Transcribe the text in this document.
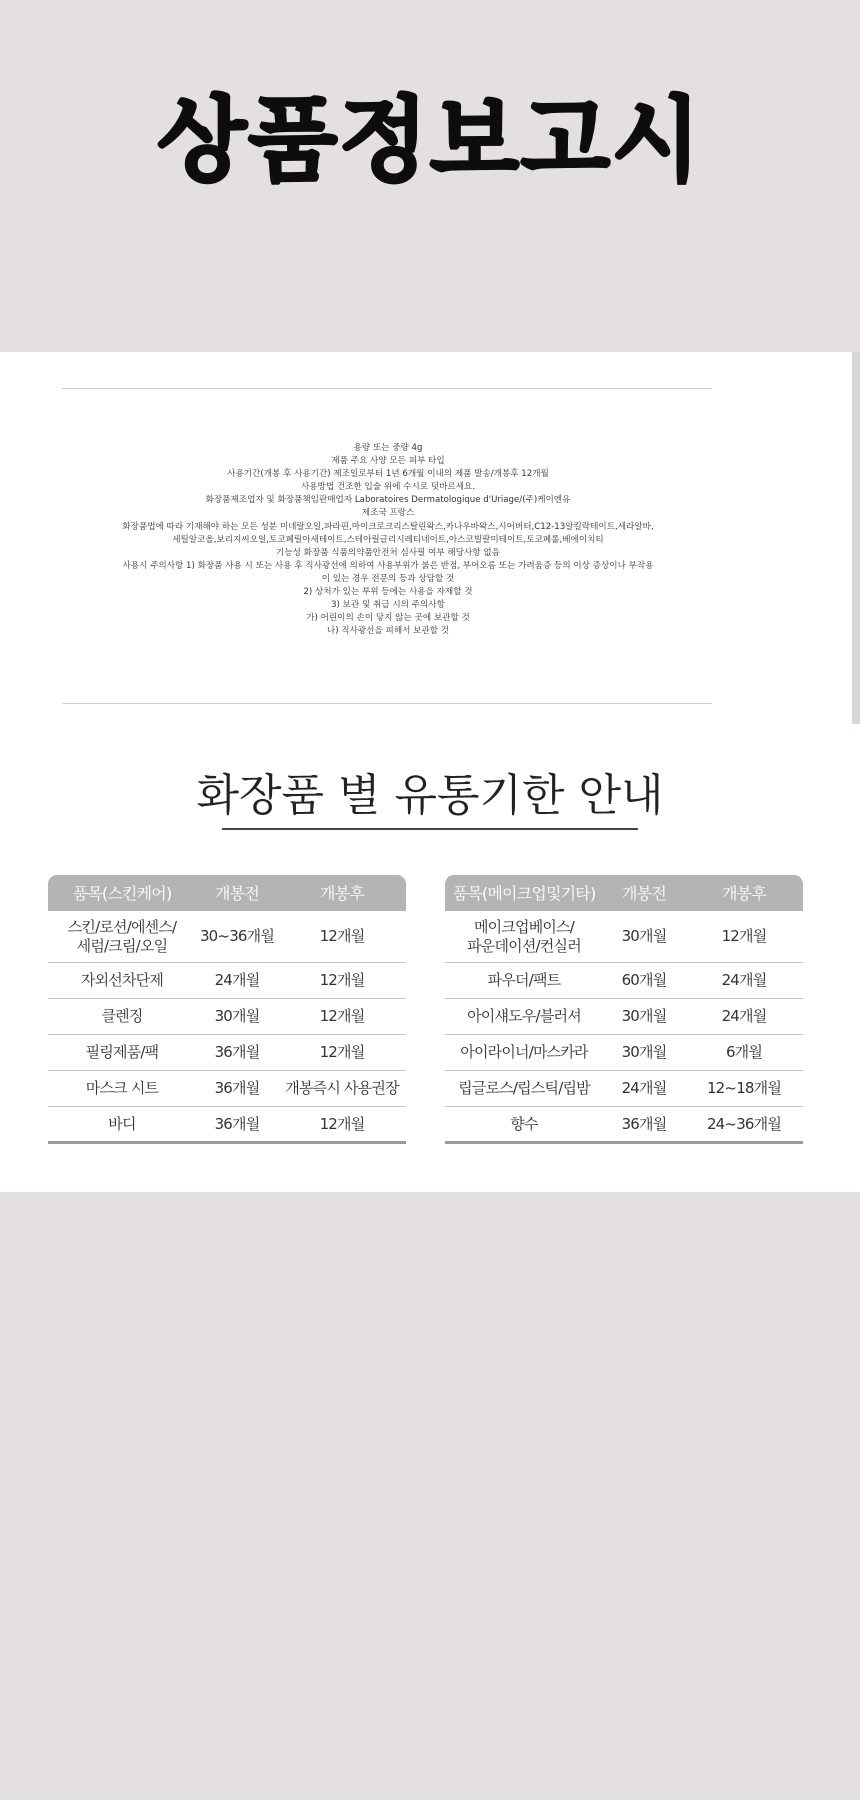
상품정보고시
용량 또는 중량 4g
제품 주요 사양 모든 피부 타입
사용기간(개봉 후 사용기간) 제조일로부터 1년 6개월 이내의 제품 발송/개봉후 12개월
사용방법 건조한 입술 위에 수시로 덧바르세요.
화장품제조업자 및 화장품책임판매업자 Laboratoires Dermatologique d'Uriage/(주)케이엔유
제조국 프랑스
화장품법에 따라 기재해야 하는 모든 성분 미네랄오일,파라핀,마이크로크리스탈린왁스,카나우바왁스,시어버터,C12-13알킬락테이트,세라알바,
세틸알코올,보리지씨오일,토코페릴아세테이트,스테아릴글리시레티네이트,아스코빌팔미테이트,토코페롤,베에이치티
기능성 화장품 식품의약품안전처 심사필 여부 해당사항 없음
사용시 주의사항 1) 화장품 사용 시 또는 사용 후 직사광선에 의하여 사용부위가 붉은 반점, 부어오름 또는 가려움증 등의 이상 증상이나 부작용
이 있는 경우 전문의 등과 상담할 것
2) 상처가 있는 부위 등에는 사용을 자제할 것
3) 보관 및 취급 시의 주의사항
가) 어린이의 손이 닿지 않는 곳에 보관할 것
나) 직사광선을 피해서 보관할 것
화장품 별 유통기한 안내
품목(스킨케어)	개봉전	개봉후
스킨/로션/에센스/
세럼/크림/오일
30~36개월	12개월
자외선차단제	24개월	12개월
클렌징	30개월	12개월
필링제품/팩	36개월	12개월
마스크 시트	36개월	개봉즉시 사용권장
바디	36개월	12개월
품목(메이크업및기타)	개봉전	개봉후
메이크업베이스/
파운데이션/컨실러
30개월	12개월
파우더/팩트	60개월	24개월
아이섀도우/블러셔	30개월	24개월
아이라이너/마스카라	30개월	6개월
립글로스/립스틱/립밤	24개월	12~18개월
향수	36개월	24~36개월
